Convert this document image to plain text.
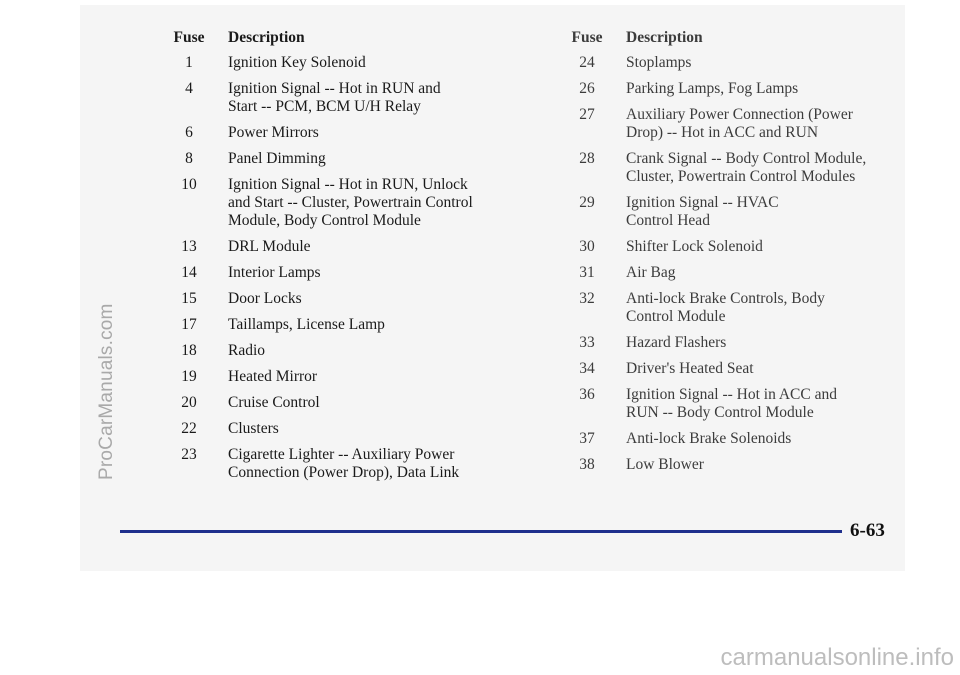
ProCarManuals.com
Fuse	Description
1	Ignition Key Solenoid
4	Ignition Signal -- Hot in RUN and
Start -- PCM, BCM U/H Relay
6	Power Mirrors
8	Panel Dimming
10	Ignition Signal -- Hot in RUN, Unlock
and Start -- Cluster, Powertrain Control
Module, Body Control Module
13	DRL Module
14	Interior Lamps
15	Door Locks
17	Taillamps, License Lamp
18	Radio
19	Heated Mirror
20	Cruise Control
22	Clusters
23	Cigarette Lighter -- Auxiliary Power
Connection (Power Drop), Data Link
Fuse	Description
24	Stoplamps
26	Parking Lamps, Fog Lamps
27	Auxiliary Power Connection (Power
Drop) -- Hot in ACC and RUN
28	Crank Signal -- Body Control Module,
Cluster, Powertrain Control Modules
29	Ignition Signal -- HVAC
Control Head
30	Shifter Lock Solenoid
31	Air Bag
32	Anti-lock Brake Controls, Body
Control Module
33	Hazard Flashers
34	Driver's Heated Seat
36	Ignition Signal -- Hot in ACC and
RUN -- Body Control Module
37	Anti-lock Brake Solenoids
38	Low Blower
6-63
carmanualsonline.info
